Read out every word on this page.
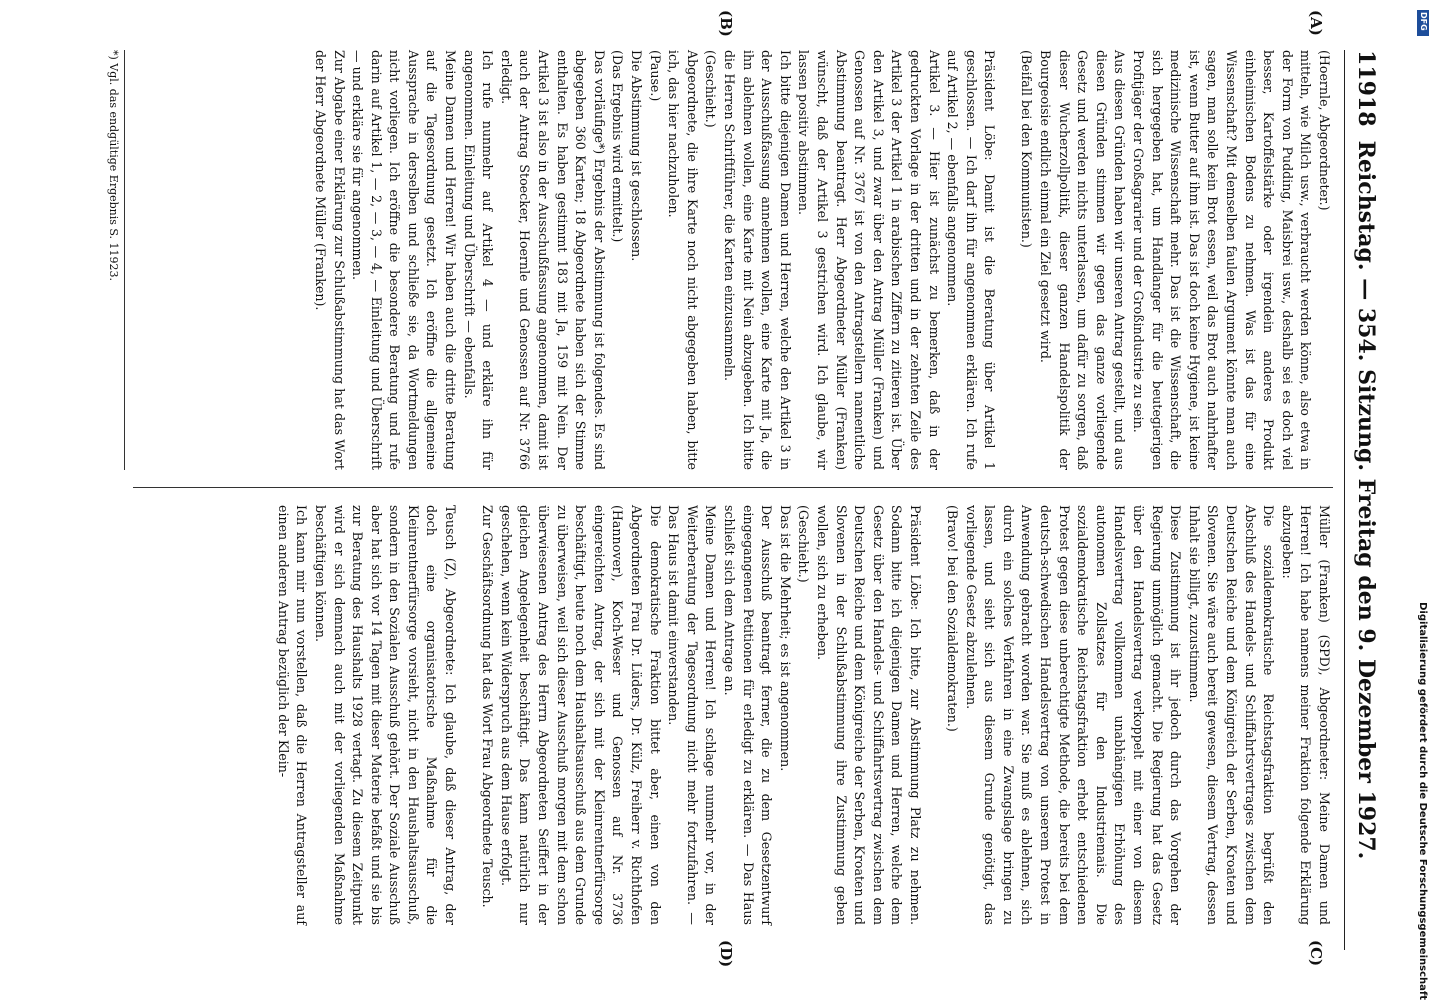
11918
Reichstag. — 354. Sitzung. Freitag den 9. Dezember 1927.
(A)
(B)
(C)
(D)
(Hoernle, Abgeordneter.)
mitteln, wie Milch usw., verbraucht werden könne, also etwa in der Form von Pudding, Maisbrei usw., deshalb sei es doch viel besser, Kartoffelstärke oder irgendein anderes Produkt einheimischen Bodens zu nehmen. Was ist das für eine Wissenschaft? Mit demselben faulen Argument könnte man auch sagen, man solle kein Brot essen, weil das Brot auch nahrhafter ist, wenn Butter auf ihm ist. Das ist doch keine Hygiene, ist keine medizinische Wissenschaft mehr. Das ist die Wissenschaft, die sich hergegeben hat, um Handlanger für die beutegierigen Profitjäger der Großagrarier und der Großindustrie zu sein.
Aus diesen Gründen haben wir unseren Antrag gestellt, und aus diesen Gründen stimmen wir gegen das ganze vorliegende Gesetz und werden nichts unterlassen, um dafür zu sorgen, daß dieser Wucherzollpolitik, dieser ganzen Handelspolitik der Bourgeoisie endlich einmal ein Ziel gesetzt wird.
(Beifall bei den Kommunisten.)

Präsident Löbe: Damit ist die Beratung über Artikel 1 geschlossen. — Ich darf ihn für angenommen erklären. Ich rufe auf Artikel 2, — ebenfalls angenommen.
Artikel 3. — Hier ist zunächst zu bemerken, daß in der gedruckten Vorlage in der dritten und in der zehnten Zeile des Artikel 3 der Artikel 1 in arabischen Ziffern zu zitieren ist. Über den Artikel 3, und zwar über den Antrag Müller (Franken) und Genossen auf Nr. 3767 ist von den Antragstellern namentliche Abstimmung beantragt. Herr Abgeordneter Müller (Franken) wünscht, daß der Artikel 3 gestrichen wird. Ich glaube, wir lassen positiv abstimmen.
Ich bitte diejenigen Damen und Herren, welche den Artikel 3 in der Ausschußfassung annehmen wollen, eine Karte mit Ja, die ihn ablehnen wollen, eine Karte mit Nein abzugeben. Ich bitte die Herren Schriftführer, die Karten einzusammeln.
(Geschieht.)
Abgeordnete, die ihre Karte noch nicht abgegeben haben, bitte ich, das hier nachzuholen.
(Pause.)
Die Abstimmung ist geschlossen.
(Das Ergebnis wird ermittelt.)
Das vorläufige*) Ergebnis der Abstimmung ist folgendes. Es sind abgegeben 360 Karten; 18 Abgeordnete haben sich der Stimme enthalten. Es haben gestimmt 183 mit Ja, 159 mit Nein. Der Artikel 3 ist also in der Ausschußfassung angenommen, damit ist auch der Antrag Stoecker, Hoernle und Genossen auf Nr. 3766 erledigt.
Ich rufe nunmehr auf Artikel 4 — und erkläre ihn für angenommen. Einleitung und Überschrift — ebenfalls.
Meine Damen und Herren! Wir haben auch die dritte Beratung auf die Tagesordnung gesetzt. Ich eröffne die allgemeine Aussprache in derselben und schließe sie, da Wortmeldungen nicht vorliegen. Ich eröffne die besondere Beratung und rufe darin auf Artikel 1, — 2, — 3, — 4, — Einleitung und Überschrift — und erkläre sie für angenommen.
Zur Abgabe einer Erklärung zur Schlußabstimmung hat das Wort der Herr Abgeordnete Müller (Franken).
Müller (Franken) (SPD), Abgeordneter: Meine Damen und Herren! Ich habe namens meiner Fraktion folgende Erklärung abzugeben:
Die sozialdemokratische Reichstagsfraktion begrüßt den Abschluß des Handels- und Schiffahrtsvertrages zwischen dem Deutschen Reiche und dem Königreich der Serben, Kroaten und Slovenen. Sie wäre auch bereit gewesen, diesem Vertrag, dessen Inhalt sie billigt, zuzustimmen.
Diese Zustimmung ist ihr jedoch durch das Vorgehen der Regierung unmöglich gemacht. Die Regierung hat das Gesetz über den Handelsvertrag verkoppelt mit einer von diesem Handelsvertrag vollkommen unabhängigen Erhöhung des autonomen Zollsatzes für den Industriemais. Die sozialdemokratische Reichstagsfraktion erhebt entschiedenen Protest gegen diese unberechtigte Methode, die bereits bei dem deutsch-schwedischen Handelsvertrag von unserem Protest in Anwendung gebracht worden war. Sie muß es ablehnen, sich durch ein solches Verfahren in eine Zwangslage bringen zu lassen, und sieht sich aus diesem Grunde genötigt, das vorliegende Gesetz abzulehnen.
(Bravo! bei den Sozialdemokraten.)

Präsident Löbe: Ich bitte, zur Abstimmung Platz zu nehmen. Sodann bitte ich diejenigen Damen und Herren, welche dem Gesetz über den Handels- und Schiffahrtsvertrag zwischen dem Deutschen Reiche und dem Königreiche der Serben, Kroaten und Slovenen in der Schlußabstimmung ihre Zustimmung geben wollen, sich zu erheben.
(Geschieht.)
Das ist die Mehrheit; es ist angenommen.
Der Ausschuß beantragt ferner, die zu dem Gesetzentwurf eingegangenen Petitionen für erledigt zu erklären. — Das Haus schließt sich dem Antrage an.
Meine Damen und Herren! Ich schlage nunmehr vor, in der Weiterberatung der Tagesordnung nicht mehr fortzufahren. — Das Haus ist damit einverstanden.
Die demokratische Fraktion bittet aber, einen von den Abgeordneten Frau Dr. Lüders, Dr. Külz, Freiherr v. Richthofen (Hannover), Koch-Weser und Genossen auf Nr. 3736 eingereichten Antrag, der sich mit der Kleinrentnerfürsorge beschäftigt, heute noch dem Haushaltsausschuß aus dem Grunde zu überweisen, weil sich dieser Ausschuß morgen mit dem schon überwiesenen Antrag des Herrn Abgeordneten Seiffert in der gleichen Angelegenheit beschäftigt. Das kann natürlich nur geschehen, wenn kein Widerspruch aus dem Hause erfolgt.
Zur Geschäftsordnung hat das Wort Frau Abgeordnete Teusch.

Teusch (Z), Abgeordnete: Ich glaube, daß dieser Antrag, der doch eine organisatorische Maßnahme für die Kleinrentnerfürsorge vorsieht, nicht in den Haushaltsausschuß, sondern in den Sozialen Ausschuß gehört. Der Soziale Ausschuß aber hat sich vor 14 Tagen mit dieser Materie befaßt und sie bis zur Beratung des Haushalts 1928 vertagt. Zu diesem Zeitpunkt wird er sich demnach auch mit der vorliegenden Maßnahme beschäftigen können.
Ich kann mir nun vorstellen, daß die Herren Antragsteller auf einen anderen Antrag bezüglich der Klein-
*) Vgl. das endgültige Ergebnis S. 11923.
Digitalisierung gefördert durch die Deutsche Forschungsgemeinschaft
DFG
